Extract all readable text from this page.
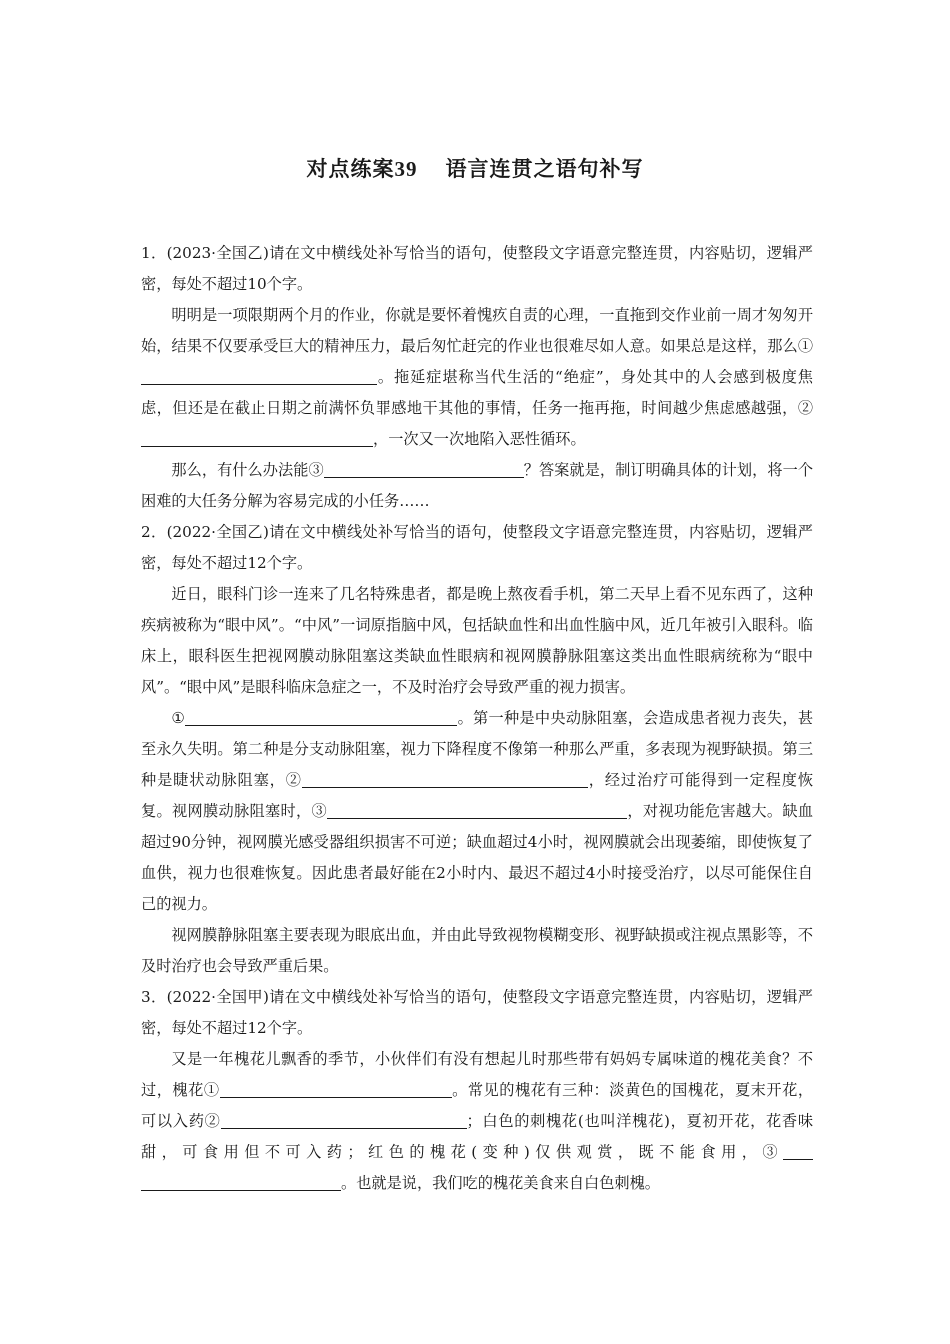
对点练案39 语言连贯之语句补写

1．(2023·全国乙)请在文中横线处补写恰当的语句，使整段文字语意完整连贯，内容贴切，逻辑严密，每处不超过10个字。

明明是一项限期两个月的作业，你就是要怀着愧疚自责的心理，一直拖到交作业前一周才匆匆开始，结果不仅要承受巨大的精神压力，最后匆忙赶完的作业也很难尽如人意。如果总是这样，那么①。拖延症堪称当代生活的“绝症”，身处其中的人会感到极度焦虑，但还是在截止日期之前满怀负罪感地干其他的事情，任务一拖再拖，时间越少焦虑感越强，②，一次又一次地陷入恶性循环。

那么，有什么办法能③	？答案就是，制订明确具体的计划，将一个困难的大任务分解为容易完成的小任务……

2．(2022·全国乙)请在文中横线处补写恰当的语句，使整段文字语意完整连贯，内容贴切，逻辑严密，每处不超过12个字。

近日，眼科门诊一连来了几名特殊患者，都是晚上熬夜看手机，第二天早上看不见东西了，这种疾病被称为“眼中风”。“中风”一词原指脑中风，包括缺血性和出血性脑中风，近几年被引入眼科。临床上，眼科医生把视网膜动脉阻塞这类缺血性眼病和视网膜静脉阻塞这类出血性眼病统称为“眼中风”。“眼中风”是眼科临床急症之一，不及时治疗会导致严重的视力损害。

①	。第一种是中央动脉阻塞，会造成患者视力丧失，甚至永久失明。第二种是分支动脉阻塞，视力下降程度不像第一种那么严重，多表现为视野缺损。第三种是睫状动脉阻塞，②	，经过治疗可能得到一定程度恢复。视网膜动脉阻塞时，③	，对视功能危害越大。缺血超过90分钟，视网膜光感受器组织损害不可逆；缺血超过4小时，视网膜就会出现萎缩，即使恢复了血供，视力也很难恢复。因此患者最好能在2小时内、最迟不超过4小时接受治疗，以尽可能保住自己的视力。

视网膜静脉阻塞主要表现为眼底出血，并由此导致视物模糊变形、视野缺损或注视点黑影等，不及时治疗也会导致严重后果。

3．(2022·全国甲)请在文中横线处补写恰当的语句，使整段文字语意完整连贯，内容贴切，逻辑严密，每处不超过12个字。

又是一年槐花儿飘香的季节，小伙伴们有没有想起儿时那些带有妈妈专属味道的槐花美食？不过，槐花①	。常见的槐花有三种：淡黄色的国槐花，夏末开花，可以入药②	；白色的刺槐花(也叫洋槐花)，夏初开花，花香味甜，可食用但不可入药；红色的槐花(变种)仅供观赏，既不能食用，③。也就是说，我们吃的槐花美食来自白色刺槐。
